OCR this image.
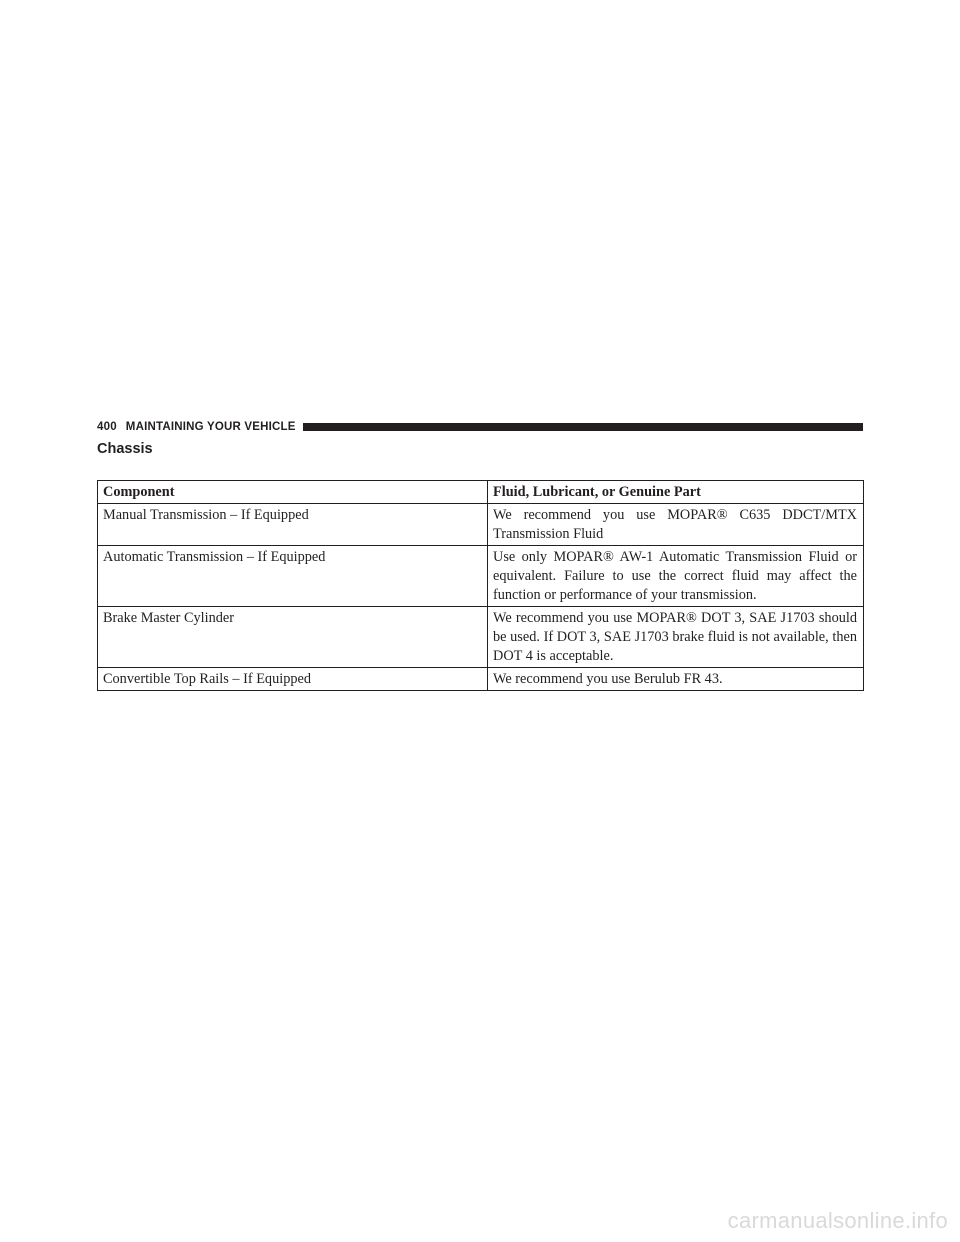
400 MAINTAINING YOUR VEHICLE
Chassis
Component	Fluid, Lubricant, or Genuine Part
Manual Transmission – If Equipped	We recommend you use MOPAR® C635 DDCT/MTX Transmission Fluid
Automatic Transmission – If Equipped	Use only MOPAR® AW-1 Automatic Transmission Fluid or equivalent. Failure to use the correct fluid may affect the function or performance of your transmission.
Brake Master Cylinder	We recommend you use MOPAR® DOT 3, SAE J1703 should be used. If DOT 3, SAE J1703 brake fluid is not available, then DOT 4 is acceptable.
Convertible Top Rails – If Equipped	We recommend you use Berulub FR 43.
carmanualsonline.info
